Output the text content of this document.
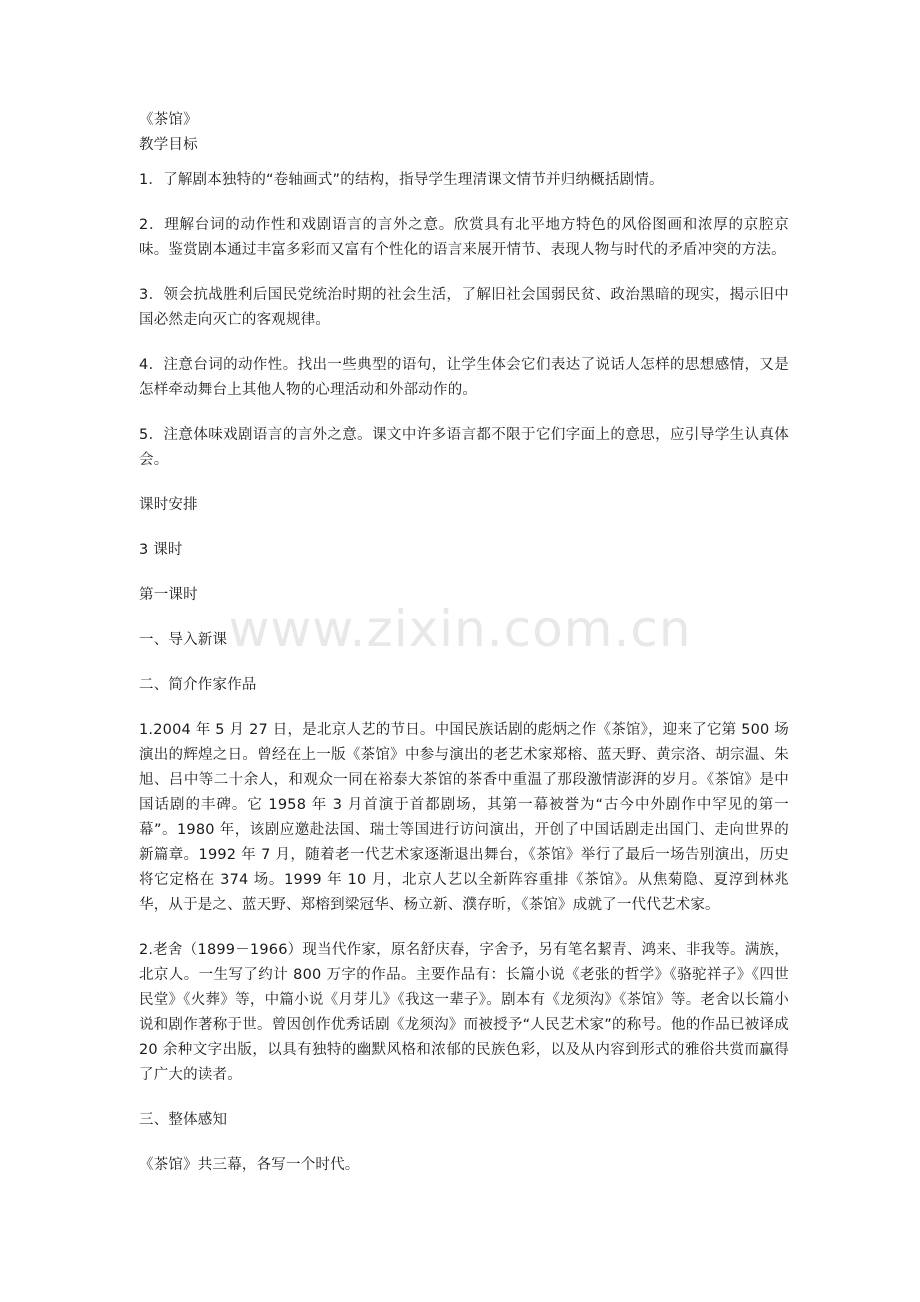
www.zixin.com.cn

《茶馆》

教学目标

1．了解剧本独特的“卷轴画式”的结构，指导学生理清课文情节并归纳概括剧情。

2．理解台词的动作性和戏剧语言的言外之意。欣赏具有北平地方特色的风俗图画和浓厚的京腔京味。鉴赏剧本通过丰富多彩而又富有个性化的语言来展开情节、表现人物与时代的矛盾冲突的方法。

3．领会抗战胜利后国民党统治时期的社会生活，了解旧社会国弱民贫、政治黑暗的现实，揭示旧中国必然走向灭亡的客观规律。

4．注意台词的动作性。找出一些典型的语句，让学生体会它们表达了说话人怎样的思想感情，又是怎样牵动舞台上其他人物的心理活动和外部动作的。

5．注意体味戏剧语言的言外之意。课文中许多语言都不限于它们字面上的意思，应引导学生认真体会。

课时安排

3 课时

第一课时

一、导入新课

二、简介作家作品

1.2004 年 5 月 27 日，是北京人艺的节日。中国民族话剧的彪炳之作《茶馆》，迎来了它第 500 场演出的辉煌之日。曾经在上一版《茶馆》中参与演出的老艺术家郑榕、蓝天野、黄宗洛、胡宗温、朱旭、吕中等二十余人，和观众一同在裕泰大茶馆的茶香中重温了那段激情澎湃的岁月。《茶馆》是中国话剧的丰碑。它 1958 年 3 月首演于首都剧场，其第一幕被誉为“古今中外剧作中罕见的第一幕”。1980 年，该剧应邀赴法国、瑞士等国进行访问演出，开创了中国话剧走出国门、走向世界的新篇章。1992 年 7 月，随着老一代艺术家逐渐退出舞台，《茶馆》举行了最后一场告别演出，历史将它定格在 374 场。1999 年 10 月，北京人艺以全新阵容重排《茶馆》。从焦菊隐、夏淳到林兆华，从于是之、蓝天野、郑榕到梁冠华、杨立新、濮存昕，《茶馆》成就了一代代艺术家。

2.老舍（1899－1966）现当代作家，原名舒庆春，字舍予，另有笔名絜青、鸿来、非我等。满族，北京人。一生写了约计 800 万字的作品。主要作品有：长篇小说《老张的哲学》《骆驼祥子》《四世民堂》《火葬》等，中篇小说《月芽儿》《我这一辈子》。剧本有《龙须沟》《茶馆》等。老舍以长篇小说和剧作著称于世。曾因创作优秀话剧《龙须沟》而被授予“人民艺术家”的称号。他的作品已被译成 20 余种文字出版，以具有独特的幽默风格和浓郁的民族色彩，以及从内容到形式的雅俗共赏而赢得了广大的读者。

三、整体感知

《茶馆》共三幕，各写一个时代。
